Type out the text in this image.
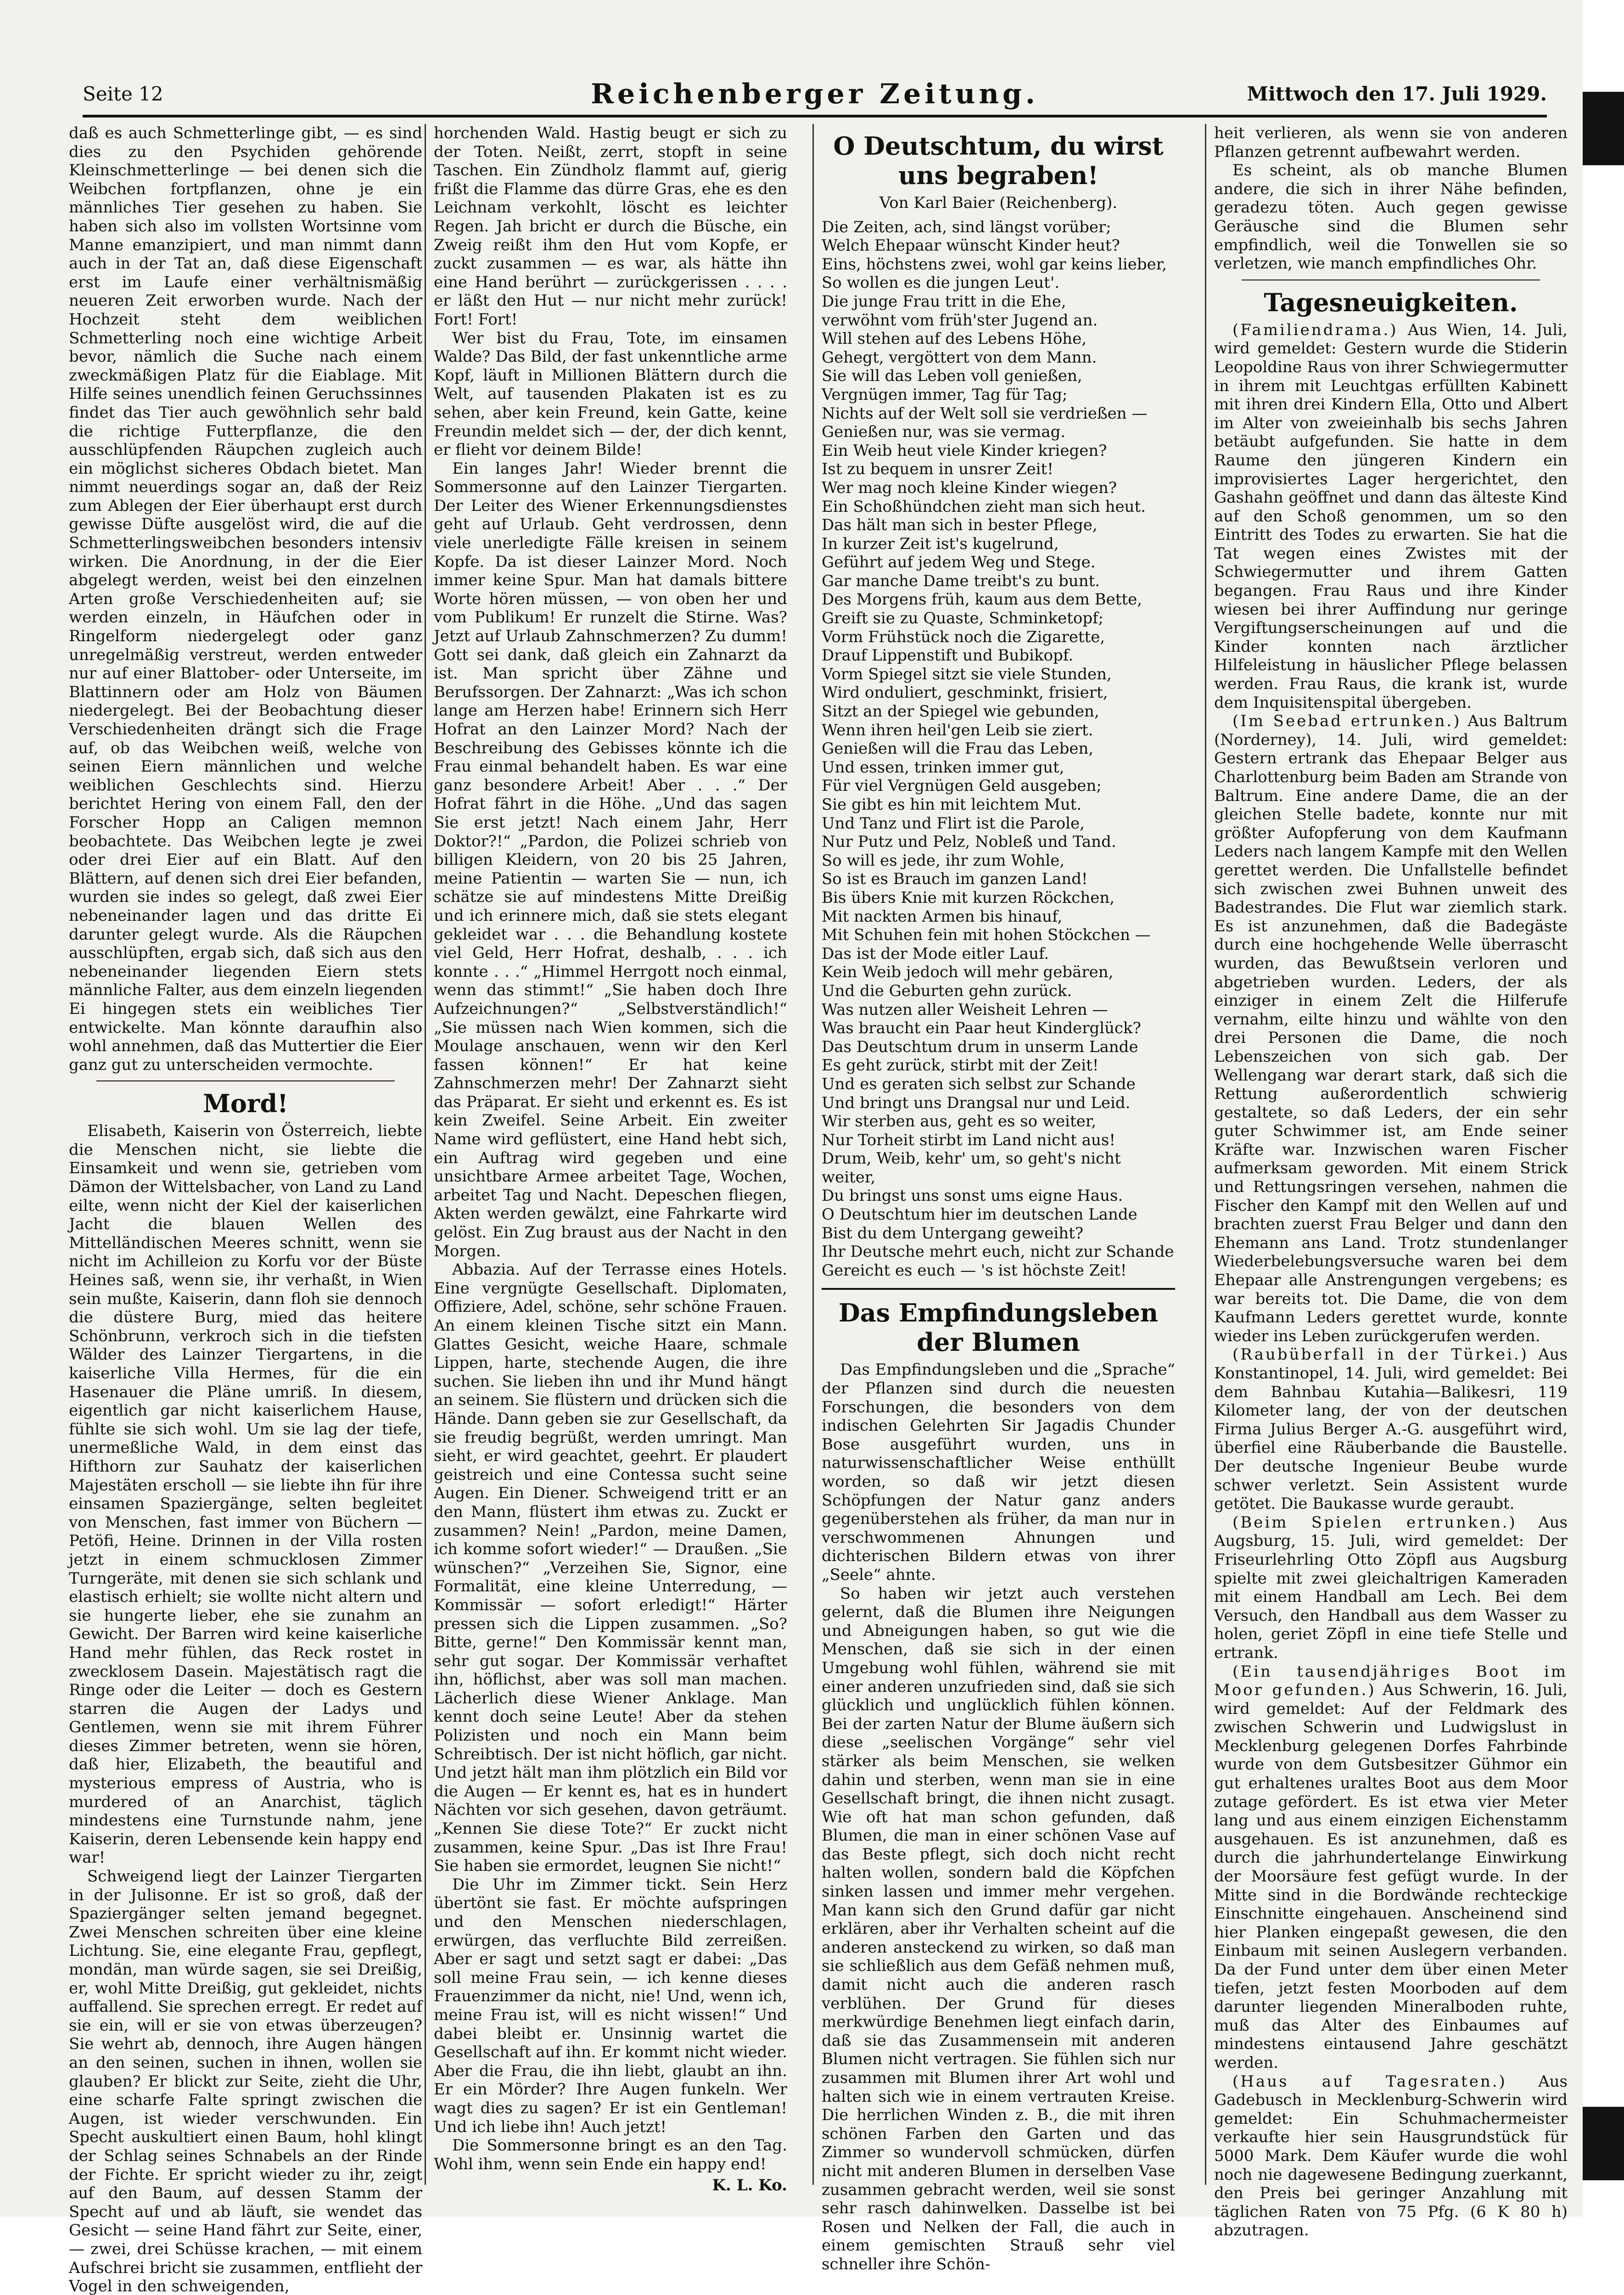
Seite 12	Reichenberger Zeitung.	Mittwoch den 17. Juli 1929.

daß es auch Schmetterlinge gibt, — es sind dies zu den Psychiden gehörende Kleinschmetterlinge — bei denen sich die Weibchen fortpflanzen, ohne je ein männliches Tier gesehen zu haben. Sie haben sich also im vollsten Wortsinne vom Manne emanzipiert, und man nimmt dann auch in der Tat an, daß diese Eigenschaft erst im Laufe einer verhältnismäßig neueren Zeit erworben wurde. Nach der Hochzeit steht dem weiblichen Schmetterling noch eine wichtige Arbeit bevor, nämlich die Suche nach einem zweckmäßigen Platz für die Eiablage. Mit Hilfe seines unendlich feinen Geruchssinnes findet das Tier auch gewöhnlich sehr bald die richtige Futterpflanze, die den ausschlüpfenden Räupchen zugleich auch ein möglichst sicheres Obdach bietet. Man nimmt neuerdings sogar an, daß der Reiz zum Ablegen der Eier überhaupt erst durch gewisse Düfte ausgelöst wird, die auf die Schmetterlingsweibchen besonders intensiv wirken. Die Anordnung, in der die Eier abgelegt werden, weist bei den einzelnen Arten große Verschiedenheiten auf; sie werden einzeln, in Häufchen oder in Ringelform niedergelegt oder ganz unregelmäßig verstreut, werden entweder nur auf einer Blattober- oder Unterseite, im Blattinnern oder am Holz von Bäumen niedergelegt. Bei der Beobachtung dieser Verschiedenheiten drängt sich die Frage auf, ob das Weibchen weiß, welche von seinen Eiern männlichen und welche weiblichen Geschlechts sind. Hierzu berichtet Hering von einem Fall, den der Forscher Hopp an Caligen memnon beobachtete. Das Weibchen legte je zwei oder drei Eier auf ein Blatt. Auf den Blättern, auf denen sich drei Eier befanden, wurden sie indes so gelegt, daß zwei Eier nebeneinander lagen und das dritte Ei darunter gelegt wurde. Als die Räupchen ausschlüpften, ergab sich, daß sich aus den nebeneinander liegenden Eiern stets männliche Falter, aus dem einzeln liegenden Ei hingegen stets ein weibliches Tier entwickelte. Man könnte daraufhin also wohl annehmen, daß das Muttertier die Eier ganz gut zu unterscheiden vermochte.

Mord!

Elisabeth, Kaiserin von Österreich, liebte die Menschen nicht, sie liebte die Einsamkeit und wenn sie, getrieben vom Dämon der Wittelsbacher, von Land zu Land eilte, wenn nicht der Kiel der kaiserlichen Jacht die blauen Wellen des Mittelländischen Meeres schnitt, wenn sie nicht im Achilleion zu Korfu vor der Büste Heines saß, wenn sie, ihr verhaßt, in Wien sein mußte, Kaiserin, dann floh sie dennoch die düstere Burg, mied das heitere Schönbrunn, verkroch sich in die tiefsten Wälder des Lainzer Tiergartens, in die kaiserliche Villa Hermes, für die ein Hasenauer die Pläne umriß. In diesem, eigentlich gar nicht kaiserlichem Hause, fühlte sie sich wohl. Um sie lag der tiefe, unermeßliche Wald, in dem einst das Hifthorn zur Sauhatz der kaiserlichen Majestäten erscholl — sie liebte ihn für ihre einsamen Spaziergänge, selten begleitet von Menschen, fast immer von Büchern — Petöfi, Heine. Drinnen in der Villa rosten jetzt in einem schmucklosen Zimmer Turngeräte, mit denen sie sich schlank und elastisch erhielt; sie wollte nicht altern und sie hungerte lieber, ehe sie zunahm an Gewicht. Der Barren wird keine kaiserliche Hand mehr fühlen, das Reck rostet in zwecklosem Dasein. Majestätisch ragt die Ringe oder die Leiter — doch es Gestern starren die Augen der Ladys und Gentlemen, wenn sie mit ihrem Führer dieses Zimmer betreten, wenn sie hören, daß hier, Elizabeth, the beautiful and mysterious empress of Austria, who is murdered of an Anarchist, täglich mindestens eine Turnstunde nahm, jene Kaiserin, deren Lebensende kein happy end war!

Schweigend liegt der Lainzer Tiergarten in der Julisonne. Er ist so groß, daß der Spaziergänger selten jemand begegnet. Zwei Menschen schreiten über eine kleine Lichtung. Sie, eine elegante Frau, gepflegt, mondän, man würde sagen, sie sei Dreißig, er, wohl Mitte Dreißig, gut gekleidet, nichts auffallend. Sie sprechen erregt. Er redet auf sie ein, will er sie von etwas überzeugen? Sie wehrt ab, dennoch, ihre Augen hängen an den seinen, suchen in ihnen, wollen sie glauben? Er blickt zur Seite, zieht die Uhr, eine scharfe Falte springt zwischen die Augen, ist wieder verschwunden. Ein Specht auskultiert einen Baum, hohl klingt der Schlag seines Schnabels an der Rinde der Fichte. Er spricht wieder zu ihr, zeigt auf den Baum, auf dessen Stamm der Specht auf und ab läuft, sie wendet das Gesicht — seine Hand fährt zur Seite, einer, — zwei, drei Schüsse krachen, — mit einem Aufschrei bricht sie zusammen, entflieht der Vogel in den schweigenden,

horchenden Wald. Hastig beugt er sich zu der Toten. Neißt, zerrt, stopft in seine Taschen. Ein Zündholz flammt auf, gierig frißt die Flamme das dürre Gras, ehe es den Leichnam verkohlt, löscht es leichter Regen. Jah bricht er durch die Büsche, ein Zweig reißt ihm den Hut vom Kopfe, er zuckt zusammen — es war, als hätte ihn eine Hand berührt — zurückgerissen . . . . er läßt den Hut — nur nicht mehr zurück! Fort! Fort!

Wer bist du Frau, Tote, im einsamen Walde? Das Bild, der fast unkenntliche arme Kopf, läuft in Millionen Blättern durch die Welt, auf tausenden Plakaten ist es zu sehen, aber kein Freund, kein Gatte, keine Freundin meldet sich — der, der dich kennt, er flieht vor deinem Bilde!

Ein langes Jahr! Wieder brennt die Sommersonne auf den Lainzer Tiergarten. Der Leiter des Wiener Erkennungsdienstes geht auf Urlaub. Geht verdrossen, denn viele unerledigte Fälle kreisen in seinem Kopfe. Da ist dieser Lainzer Mord. Noch immer keine Spur. Man hat damals bittere Worte hören müssen, — von oben her und vom Publikum! Er runzelt die Stirne. Was? Jetzt auf Urlaub Zahnschmerzen? Zu dumm! Gott sei dank, daß gleich ein Zahnarzt da ist. Man spricht über Zähne und Berufssorgen. Der Zahnarzt: „Was ich schon lange am Herzen habe! Erinnern sich Herr Hofrat an den Lainzer Mord? Nach der Beschreibung des Gebisses könnte ich die Frau einmal behandelt haben. Es war eine ganz besondere Arbeit! Aber . . .“ Der Hofrat fährt in die Höhe. „Und das sagen Sie erst jetzt! Nach einem Jahr, Herr Doktor?!“ „Pardon, die Polizei schrieb von billigen Kleidern, von 20 bis 25 Jahren, meine Patientin — warten Sie — nun, ich schätze sie auf mindestens Mitte Dreißig und ich erinnere mich, daß sie stets elegant gekleidet war . . . die Behandlung kostete viel Geld, Herr Hofrat, deshalb, . . . ich konnte . . .“ „Himmel Herrgott noch einmal, wenn das stimmt!“ „Sie haben doch Ihre Aufzeichnungen?“ „Selbstverständlich!“ „Sie müssen nach Wien kommen, sich die Moulage anschauen, wenn wir den Kerl fassen können!“ Er hat keine Zahnschmerzen mehr! Der Zahnarzt sieht das Präparat. Er sieht und erkennt es. Es ist kein Zweifel. Seine Arbeit. Ein zweiter Name wird geflüstert, eine Hand hebt sich, ein Auftrag wird gegeben und eine unsichtbare Armee arbeitet Tage, Wochen, arbeitet Tag und Nacht. Depeschen fliegen, Akten werden gewälzt, eine Fahrkarte wird gelöst. Ein Zug braust aus der Nacht in den Morgen.

Abbazia. Auf der Terrasse eines Hotels. Eine vergnügte Gesellschaft. Diplomaten, Offiziere, Adel, schöne, sehr schöne Frauen. An einem kleinen Tische sitzt ein Mann. Glattes Gesicht, weiche Haare, schmale Lippen, harte, stechende Augen, die ihre suchen. Sie lieben ihn und ihr Mund hängt an seinem. Sie flüstern und drücken sich die Hände. Dann geben sie zur Gesellschaft, da sie freudig begrüßt, werden umringt. Man sieht, er wird geachtet, geehrt. Er plaudert geistreich und eine Contessa sucht seine Augen. Ein Diener. Schweigend tritt er an den Mann, flüstert ihm etwas zu. Zuckt er zusammen? Nein! „Pardon, meine Damen, ich komme sofort wieder!“ — Draußen. „Sie wünschen?“ „Verzeihen Sie, Signor, eine Formalität, eine kleine Unterredung, — Kommissär — sofort erledigt!“ Härter pressen sich die Lippen zusammen. „So? Bitte, gerne!“ Den Kommissär kennt man, sehr gut sogar. Der Kommissär verhaftet ihn, höflichst, aber was soll man machen. Lächerlich diese Wiener Anklage. Man kennt doch seine Leute! Aber da stehen Polizisten und noch ein Mann beim Schreibtisch. Der ist nicht höflich, gar nicht. Und jetzt hält man ihm plötzlich ein Bild vor die Augen — Er kennt es, hat es in hundert Nächten vor sich gesehen, davon geträumt. „Kennen Sie diese Tote?“ Er zuckt nicht zusammen, keine Spur. „Das ist Ihre Frau! Sie haben sie ermordet, leugnen Sie nicht!“

Die Uhr im Zimmer tickt. Sein Herz übertönt sie fast. Er möchte aufspringen und den Menschen niederschlagen, erwürgen, das verfluchte Bild zerreißen. Aber er sagt und setzt sagt er dabei: „Das soll meine Frau sein, — ich kenne dieses Frauenzimmer da nicht, nie! Und, wenn ich, meine Frau ist, will es nicht wissen!“ Und dabei bleibt er. Unsinnig wartet die Gesellschaft auf ihn. Er kommt nicht wieder. Aber die Frau, die ihn liebt, glaubt an ihn. Er ein Mörder? Ihre Augen funkeln. Wer wagt dies zu sagen? Er ist ein Gentleman! Und ich liebe ihn! Auch jetzt!

Die Sommersonne bringt es an den Tag. Wohl ihm, wenn sein Ende ein happy end!

K. L. Ko.
O Deutschtum, du wirst uns begraben!
Von Karl Baier (Reichenberg).

Die Zeiten, ach, sind längst vorüber;

Welch Ehepaar wünscht Kinder heut?

Eins, höchstens zwei, wohl gar keins lieber,

So wollen es die jungen Leut'.

Die junge Frau tritt in die Ehe,

verwöhnt vom früh'ster Jugend an.

Will stehen auf des Lebens Höhe,

Gehegt, vergöttert von dem Mann.

Sie will das Leben voll genießen,

Vergnügen immer, Tag für Tag;

Nichts auf der Welt soll sie verdrießen —

Genießen nur, was sie vermag.

Ein Weib heut viele Kinder kriegen?

Ist zu bequem in unsrer Zeit!

Wer mag noch kleine Kinder wiegen?

Ein Schoßhündchen zieht man sich heut.

Das hält man sich in bester Pflege,

In kurzer Zeit ist's kugelrund,

Geführt auf jedem Weg und Stege.

Gar manche Dame treibt's zu bunt.

Des Morgens früh, kaum aus dem Bette,

Greift sie zu Quaste, Schminketopf;

Vorm Frühstück noch die Zigarette,

Drauf Lippenstift und Bubikopf.

Vorm Spiegel sitzt sie viele Stunden,

Wird onduliert, geschminkt, frisiert,

Sitzt an der Spiegel wie gebunden,

Wenn ihren heil'gen Leib sie ziert.

Genießen will die Frau das Leben,

Und essen, trinken immer gut,

Für viel Vergnügen Geld ausgeben;

Sie gibt es hin mit leichtem Mut.

Und Tanz und Flirt ist die Parole,

Nur Putz und Pelz, Nobleß und Tand.

So will es jede, ihr zum Wohle,

So ist es Brauch im ganzen Land!

Bis übers Knie mit kurzen Röckchen,

Mit nackten Armen bis hinauf,

Mit Schuhen fein mit hohen Stöckchen —

Das ist der Mode eitler Lauf.

Kein Weib jedoch will mehr gebären,

Und die Geburten gehn zurück.

Was nutzen aller Weisheit Lehren —

Was braucht ein Paar heut Kinderglück?

Das Deutschtum drum in unserm Lande

Es geht zurück, stirbt mit der Zeit!

Und es geraten sich selbst zur Schande

Und bringt uns Drangsal nur und Leid.

Wir sterben aus, geht es so weiter,

Nur Torheit stirbt im Land nicht aus!

Drum, Weib, kehr' um, so geht's nicht weiter,

Du bringst uns sonst ums eigne Haus.

O Deutschtum hier im deutschen Lande

Bist du dem Untergang geweiht?

Ihr Deutsche mehrt euch, nicht zur Schande

Gereicht es euch — 's ist höchste Zeit!

Das Empfindungsleben der Blumen

Das Empfindungsleben und die „Sprache“ der Pflanzen sind durch die neuesten Forschungen, die besonders von dem indischen Gelehrten Sir Jagadis Chunder Bose ausgeführt wurden, uns in naturwissenschaftlicher Weise enthüllt worden, so daß wir jetzt diesen Schöpfungen der Natur ganz anders gegenüberstehen als früher, da man nur in verschwommenen Ahnungen und dichterischen Bildern etwas von ihrer „Seele“ ahnte.

So haben wir jetzt auch verstehen gelernt, daß die Blumen ihre Neigungen und Abneigungen haben, so gut wie die Menschen, daß sie sich in der einen Umgebung wohl fühlen, während sie mit einer anderen unzufrieden sind, daß sie sich glücklich und unglücklich fühlen können. Bei der zarten Natur der Blume äußern sich diese „seelischen Vorgänge“ sehr viel stärker als beim Menschen, sie welken dahin und sterben, wenn man sie in eine Gesellschaft bringt, die ihnen nicht zusagt. Wie oft hat man schon gefunden, daß Blumen, die man in einer schönen Vase auf das Beste pflegt, sich doch nicht recht halten wollen, sondern bald die Köpfchen sinken lassen und immer mehr vergehen. Man kann sich den Grund dafür gar nicht erklären, aber ihr Verhalten scheint auf die anderen ansteckend zu wirken, so daß man sie schließlich aus dem Gefäß nehmen muß, damit nicht auch die anderen rasch verblühen. Der Grund für dieses merkwürdige Benehmen liegt einfach darin, daß sie das Zusammensein mit anderen Blumen nicht vertragen. Sie fühlen sich nur zusammen mit Blumen ihrer Art wohl und halten sich wie in einem vertrauten Kreise. Die herrlichen Winden z. B., die mit ihren schönen Farben den Garten und das Zimmer so wundervoll schmücken, dürfen nicht mit anderen Blumen in derselben Vase zusammen gebracht werden, weil sie sonst sehr rasch dahinwelken. Dasselbe ist bei Rosen und Nelken der Fall, die auch in einem gemischten Strauß sehr viel schneller ihre Schön-

heit verlieren, als wenn sie von anderen Pflanzen getrennt aufbewahrt werden.

Es scheint, als ob manche Blumen andere, die sich in ihrer Nähe befinden, geradezu töten. Auch gegen gewisse Geräusche sind die Blumen sehr empfindlich, weil die Tonwellen sie so verletzen, wie manch empfindliches Ohr.

Tagesneuigkeiten.

(Familiendrama.) Aus Wien, 14. Juli, wird gemeldet: Gestern wurde die Stiderin Leopoldine Raus von ihrer Schwiegermutter in ihrem mit Leuchtgas erfüllten Kabinett mit ihren drei Kindern Ella, Otto und Albert im Alter von zweieinhalb bis sechs Jahren betäubt aufgefunden. Sie hatte in dem Raume den jüngeren Kindern ein improvisiertes Lager hergerichtet, den Gashahn geöffnet und dann das älteste Kind auf den Schoß genommen, um so den Eintritt des Todes zu erwarten. Sie hat die Tat wegen eines Zwistes mit der Schwiegermutter und ihrem Gatten begangen. Frau Raus und ihre Kinder wiesen bei ihrer Auffindung nur geringe Vergiftungserscheinungen auf und die Kinder konnten nach ärztlicher Hilfeleistung in häuslicher Pflege belassen werden. Frau Raus, die krank ist, wurde dem Inquisitenspital übergeben.

(Im Seebad ertrunken.) Aus Baltrum (Norderney), 14. Juli, wird gemeldet: Gestern ertrank das Ehepaar Belger aus Charlottenburg beim Baden am Strande von Baltrum. Eine andere Dame, die an der gleichen Stelle badete, konnte nur mit größter Aufopferung von dem Kaufmann Leders nach langem Kampfe mit den Wellen gerettet werden. Die Unfallstelle befindet sich zwischen zwei Buhnen unweit des Badestrandes. Die Flut war ziemlich stark. Es ist anzunehmen, daß die Badegäste durch eine hochgehende Welle überrascht wurden, das Bewußtsein verloren und abgetrieben wurden. Leders, der als einziger in einem Zelt die Hilferufe vernahm, eilte hinzu und wählte von den drei Personen die Dame, die noch Lebenszeichen von sich gab. Der Wellengang war derart stark, daß sich die Rettung außerordentlich schwierig gestaltete, so daß Leders, der ein sehr guter Schwimmer ist, am Ende seiner Kräfte war. Inzwischen waren Fischer aufmerksam geworden. Mit einem Strick und Rettungsringen versehen, nahmen die Fischer den Kampf mit den Wellen auf und brachten zuerst Frau Belger und dann den Ehemann ans Land. Trotz stundenlanger Wiederbelebungsversuche waren bei dem Ehepaar alle Anstrengungen vergebens; es war bereits tot. Die Dame, die von dem Kaufmann Leders gerettet wurde, konnte wieder ins Leben zurückgerufen werden.

(Raubüberfall in der Türkei.) Aus Konstantinopel, 14. Juli, wird gemeldet: Bei dem Bahnbau Kutahia—Balikesri, 119 Kilometer lang, der von der deutschen Firma Julius Berger A.-G. ausgeführt wird, überfiel eine Räuberbande die Baustelle. Der deutsche Ingenieur Beube wurde schwer verletzt. Sein Assistent wurde getötet. Die Baukasse wurde geraubt.

(Beim Spielen ertrunken.) Aus Augsburg, 15. Juli, wird gemeldet: Der Friseurlehrling Otto Zöpfl aus Augsburg spielte mit zwei gleichaltrigen Kameraden mit einem Handball am Lech. Bei dem Versuch, den Handball aus dem Wasser zu holen, geriet Zöpfl in eine tiefe Stelle und ertrank.

(Ein tausendjähriges Boot im Moor gefunden.) Aus Schwerin, 16. Juli, wird gemeldet: Auf der Feldmark des zwischen Schwerin und Ludwigslust in Mecklenburg gelegenen Dorfes Fahrbinde wurde von dem Gutsbesitzer Gühmor ein gut erhaltenes uraltes Boot aus dem Moor zutage gefördert. Es ist etwa vier Meter lang und aus einem einzigen Eichenstamm ausgehauen. Es ist anzunehmen, daß es durch die jahrhundertelange Einwirkung der Moorsäure fest gefügt wurde. In der Mitte sind in die Bordwände rechteckige Einschnitte eingehauen. Anscheinend sind hier Planken eingepaßt gewesen, die den Einbaum mit seinen Auslegern verbanden. Da der Fund unter dem über einen Meter tiefen, jetzt festen Moorboden auf dem darunter liegenden Mineralboden ruhte, muß das Alter des Einbaumes auf mindestens eintausend Jahre geschätzt werden.

(Haus auf Tagesraten.) Aus Gadebusch in Mecklenburg-Schwerin wird gemeldet: Ein Schuhmachermeister verkaufte hier sein Hausgrundstück für 5000 Mark. Dem Käufer wurde die wohl noch nie dagewesene Bedingung zuerkannt, den Preis bei geringer Anzahlung mit täglichen Raten von 75 Pfg. (6 K 80 h) abzutragen.
